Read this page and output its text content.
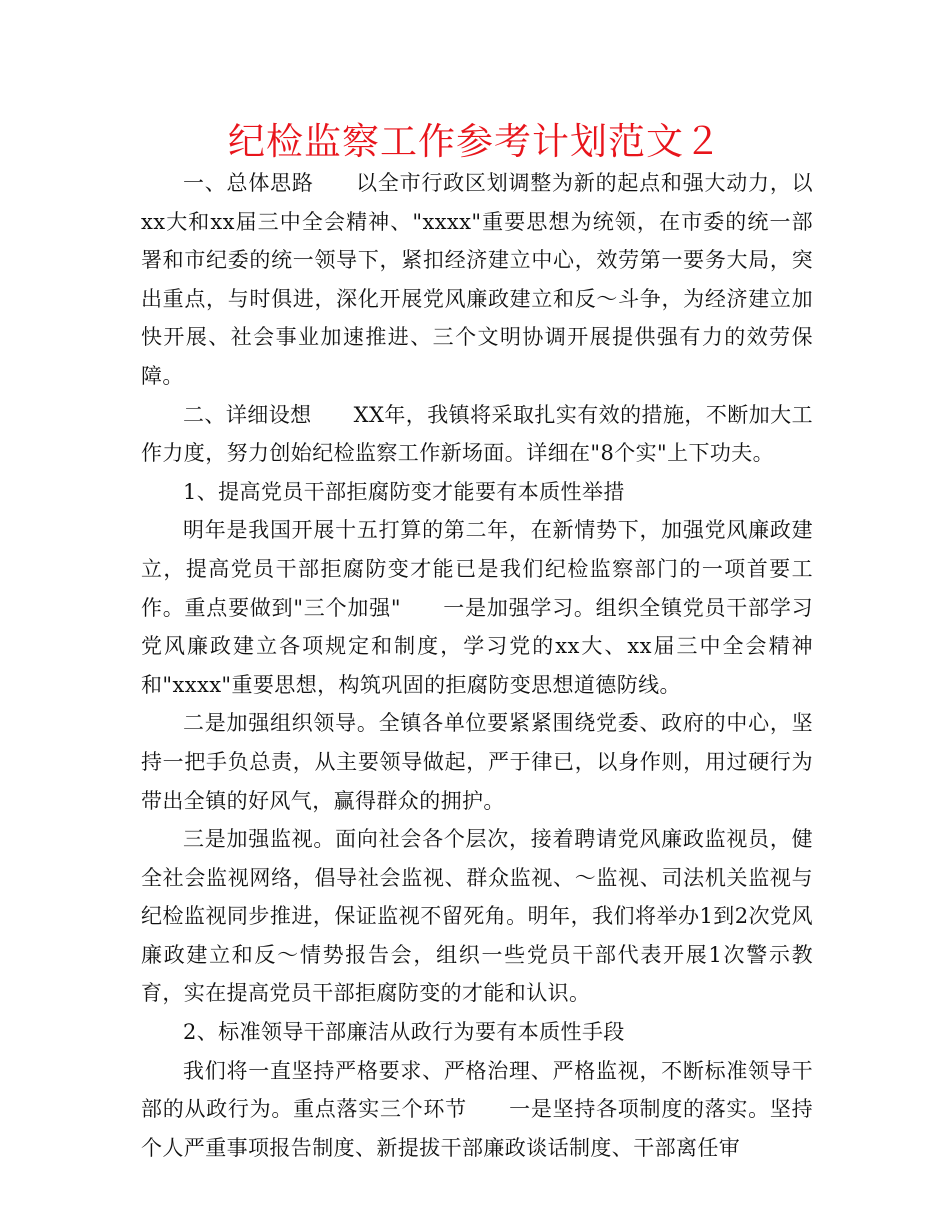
纪检监察工作参考计划范文２

一、总体思路 以全市行政区划调整为新的起点和强大动力，以xx大和xx届三中全会精神、"xxxx"重要思想为统领，在市委的统一部署和市纪委的统一领导下，紧扣经济建立中心，效劳第一要务大局，突出重点，与时俱进，深化开展党风廉政建立和反～斗争，为经济建立加快开展、社会事业加速推进、三个文明协调开展提供强有力的效劳保障。

二、详细设想 XX年，我镇将采取扎实有效的措施，不断加大工作力度，努力创始纪检监察工作新场面。详细在"8个实"上下功夫。

1、提高党员干部拒腐防变才能要有本质性举措

明年是我国开展十五打算的第二年，在新情势下，加强党风廉政建立，提高党员干部拒腐防变才能已是我们纪检监察部门的一项首要工作。重点要做到"三个加强" 一是加强学习。组织全镇党员干部学习党风廉政建立各项规定和制度，学习党的xx大、xx届三中全会精神和"xxxx"重要思想，构筑巩固的拒腐防变思想道德防线。

二是加强组织领导。全镇各单位要紧紧围绕党委、政府的中心，坚持一把手负总责，从主要领导做起，严于律已，以身作则，用过硬行为带出全镇的好风气，赢得群众的拥护。

三是加强监视。面向社会各个层次，接着聘请党风廉政监视员，健全社会监视网络，倡导社会监视、群众监视、～监视、司法机关监视与纪检监视同步推进，保证监视不留死角。明年，我们将举办1到2次党风廉政建立和反～情势报告会，组织一些党员干部代表开展1次警示教育，实在提高党员干部拒腐防变的才能和认识。

2、标准领导干部廉洁从政行为要有本质性手段

我们将一直坚持严格要求、严格治理、严格监视，不断标准领导干部的从政行为。重点落实三个环节 一是坚持各项制度的落实。坚持个人严重事项报告制度、新提拔干部廉政谈话制度、干部离任审
